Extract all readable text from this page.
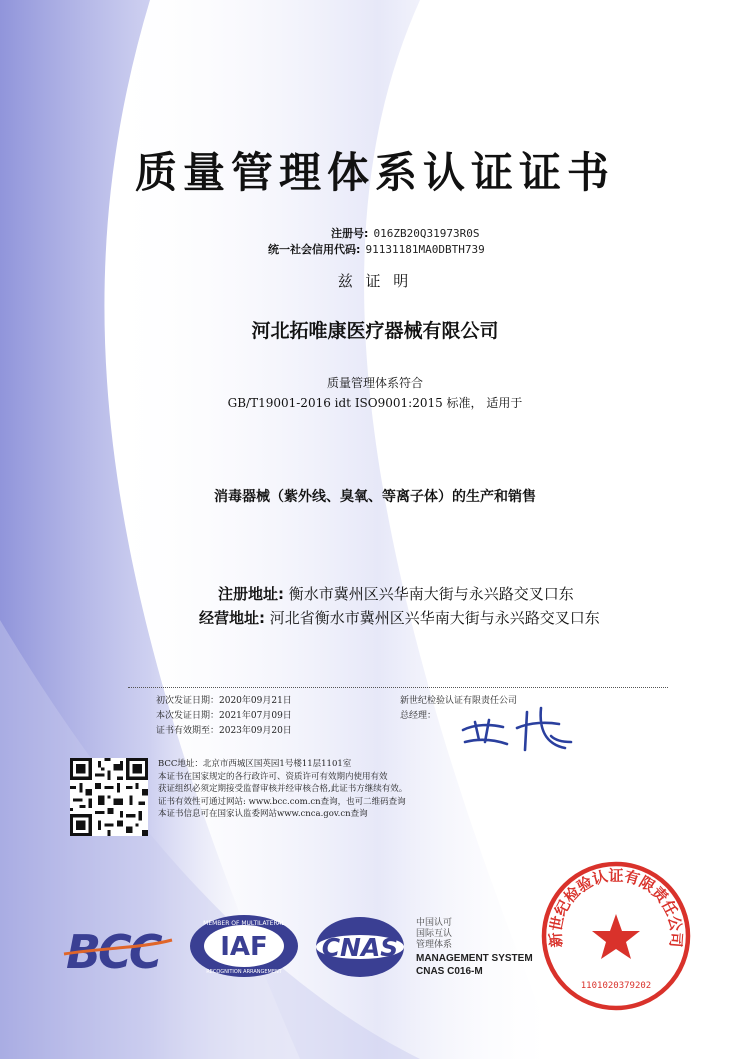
质量管理体系认证证书
注册号: 016ZB20Q31973R0S
统一社会信用代码: 91131181MA0DBTH739
兹 证 明
河北拓唯康医疗器械有限公司
质量管理体系符合
GB/T19001-2016 idt ISO9001:2015 标准， 适用于
消毒器械（紫外线、臭氧、等离子体）的生产和销售
注册地址: 衡水市冀州区兴华南大街与永兴路交叉口东
经营地址: 河北省衡水市冀州区兴华南大街与永兴路交叉口东
初次发证日期：2020年09月21日
本次发证日期：2021年07月09日
证书有效期至：2023年09月20日
新世纪检验认证有限责任公司
总经理：
BCC地址：北京市西城区国英园1号楼11层1101室
本证书在国家规定的各行政许可、资质许可有效期内使用有效
获证组织必须定期接受监督审核并经审核合格,此证书方继续有效。
证书有效性可通过网站: www.bcc.com.cn查询，也可二维码查询
本证书信息可在国家认监委网站www.cnca.gov.cn查询
BCC
MEMBER OF MULTILATERAL
IAF
RECOGNITION ARRANGEMENT
CNAS
中国认可
国际互认
管理体系
MANAGEMENT SYSTEM
CNAS C016-M
新世纪检验认证有限责任公司
1101020379202
